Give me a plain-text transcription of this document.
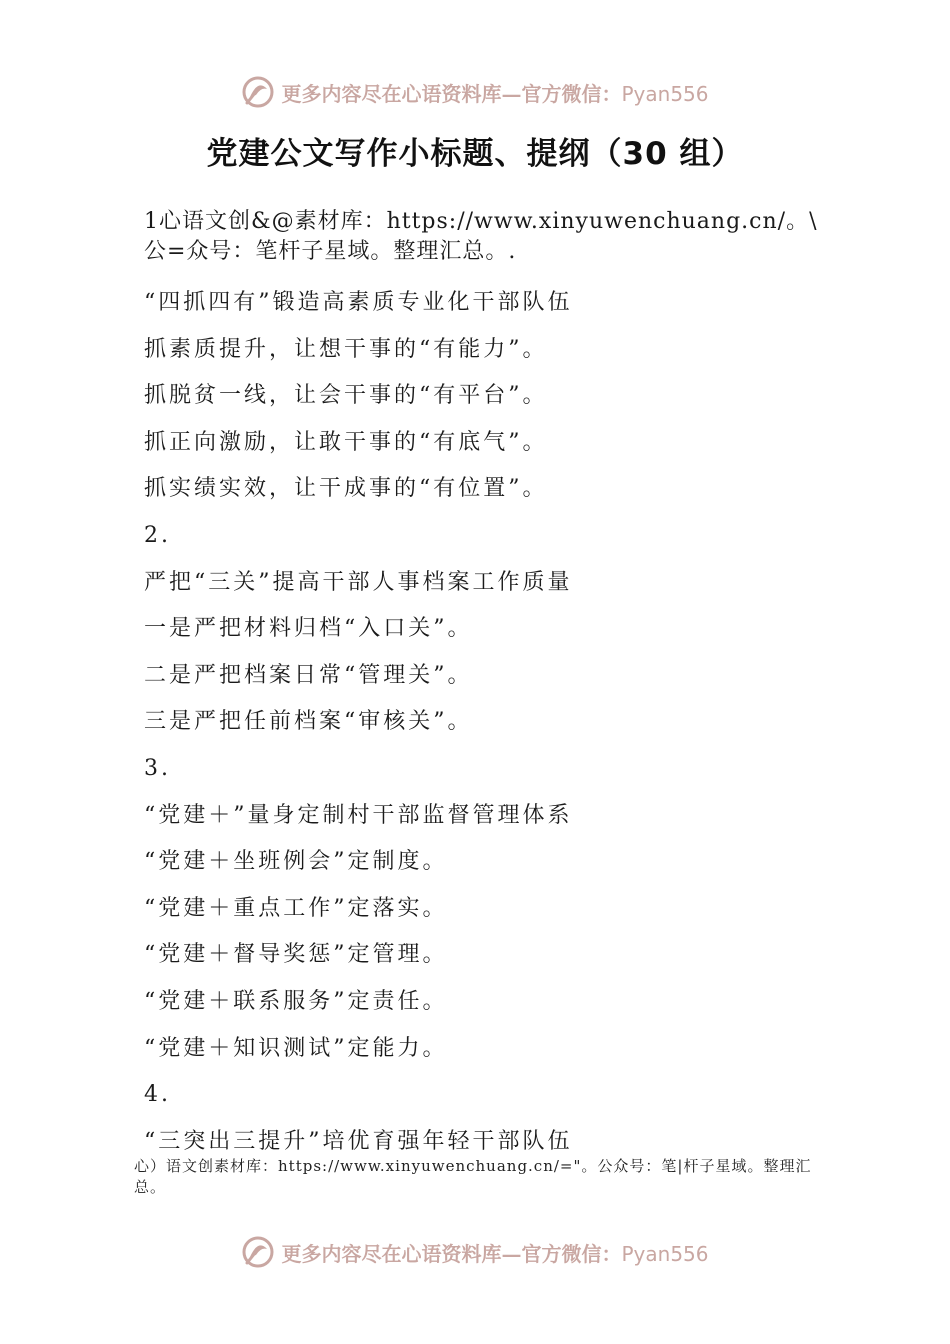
更多内容尽在心语资料库—官方微信：Pyan556
党建公文写作小标题、提纲（30 组）
1心语文创&@素材库：https://www.xinyuwenchuang.cn/。\
公=众号：笔杆子星域。整理汇总。.
“四抓四有”锻造高素质专业化干部队伍
抓素质提升，让想干事的“有能力”。
抓脱贫一线，让会干事的“有平台”。
抓正向激励，让敢干事的“有底气”。
抓实绩实效，让干成事的“有位置”。
2.
严把“三关”提高干部人事档案工作质量
一是严把材料归档“入口关”。
二是严把档案日常“管理关”。
三是严把任前档案“审核关”。
3.
“党建＋”量身定制村干部监督管理体系
“党建＋坐班例会”定制度。
“党建＋重点工作”定落实。
“党建＋督导奖惩”定管理。
“党建＋联系服务”定责任。
“党建＋知识测试”定能力。
4.
“三突出三提升”培优育强年轻干部队伍
心）语文创素材库：https://www.xinyuwenchuang.cn/="。公众号：笔|杆子星域。整理汇总。
更多内容尽在心语资料库—官方微信：Pyan556
